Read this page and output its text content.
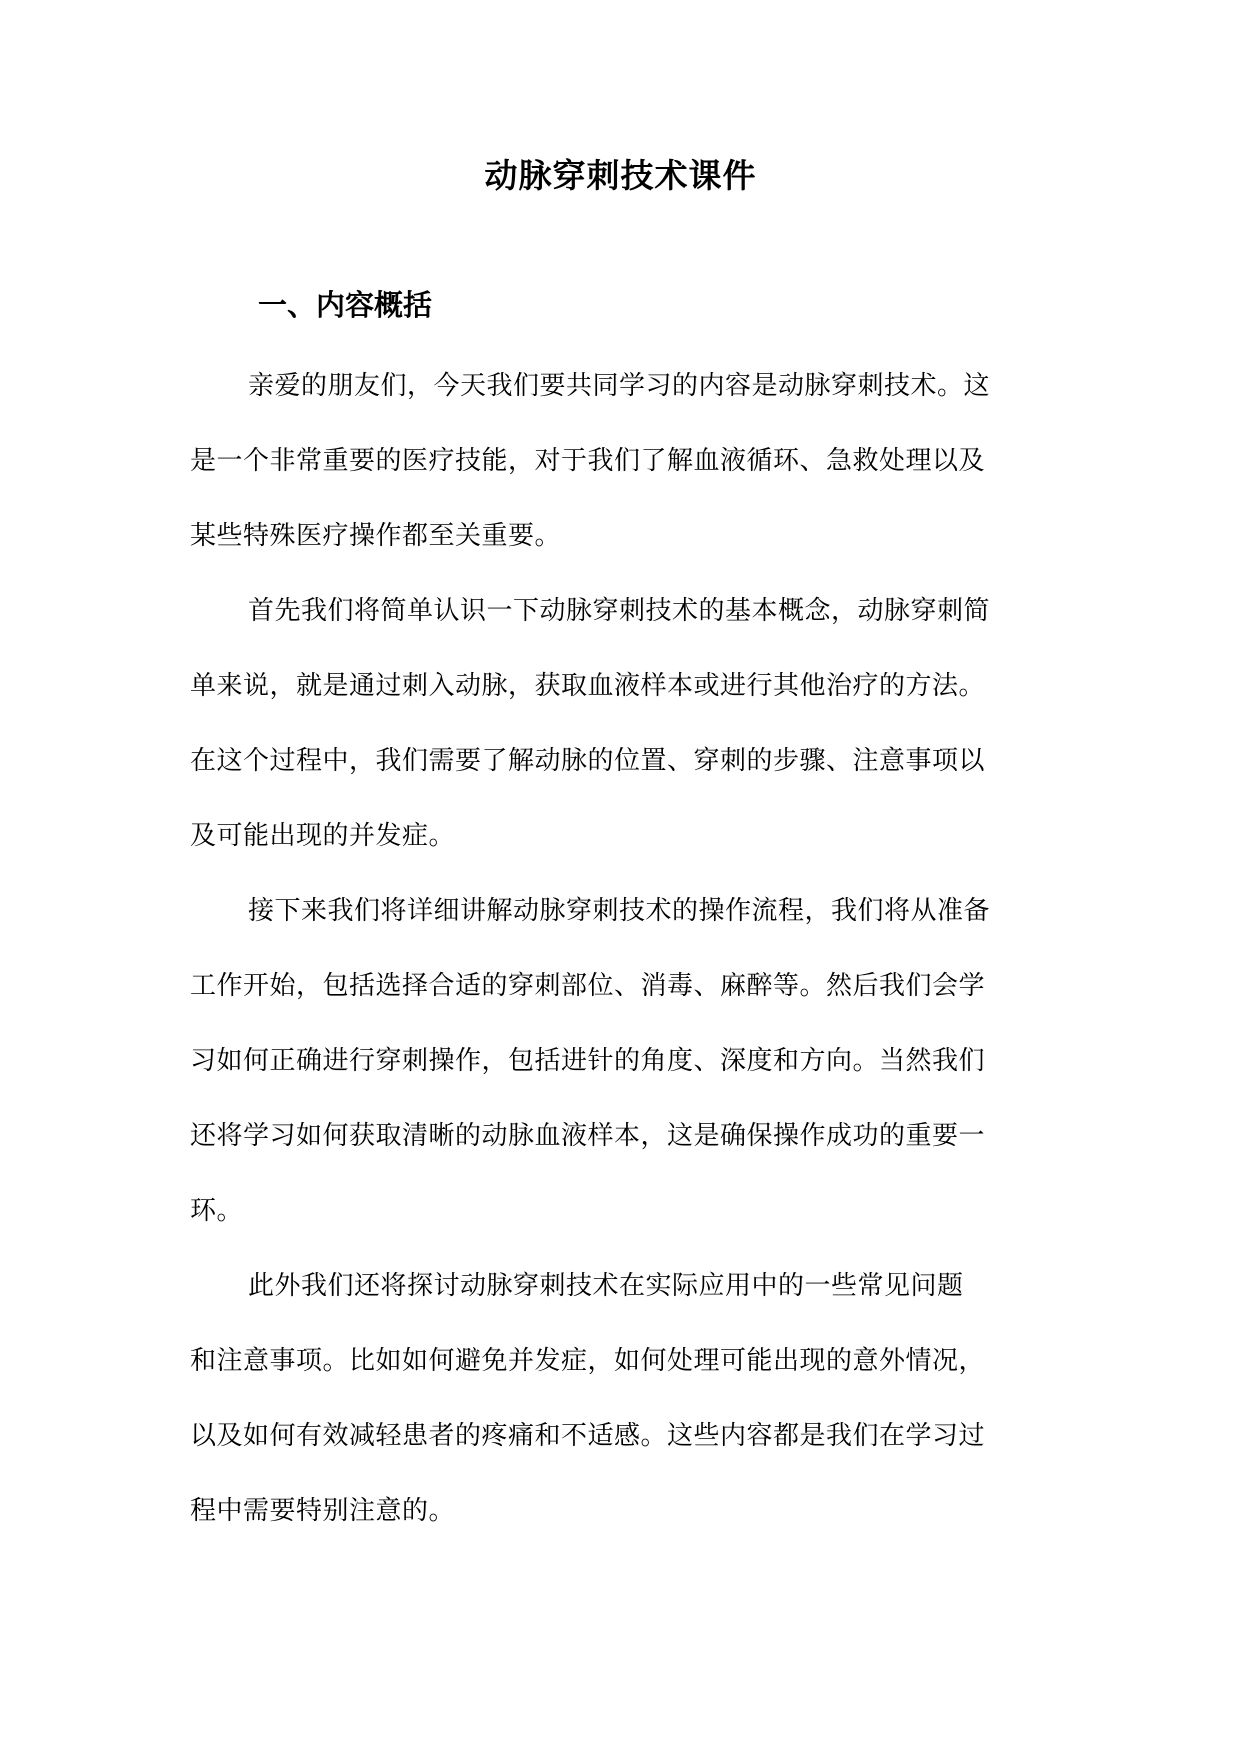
动脉穿刺技术课件
一、内容概括

亲爱的朋友们，今天我们要共同学习的内容是动脉穿刺技术。这
是一个非常重要的医疗技能，对于我们了解血液循环、急救处理以及
某些特殊医疗操作都至关重要。

首先我们将简单认识一下动脉穿刺技术的基本概念，动脉穿刺简
单来说，就是通过刺入动脉，获取血液样本或进行其他治疗的方法。
在这个过程中，我们需要了解动脉的位置、穿刺的步骤、注意事项以
及可能出现的并发症。

接下来我们将详细讲解动脉穿刺技术的操作流程，我们将从准备
工作开始，包括选择合适的穿刺部位、消毒、麻醉等。然后我们会学
习如何正确进行穿刺操作，包括进针的角度、深度和方向。当然我们
还将学习如何获取清晰的动脉血液样本，这是确保操作成功的重要一
环。

此外我们还将探讨动脉穿刺技术在实际应用中的一些常见问题
和注意事项。比如如何避免并发症，如何处理可能出现的意外情况，
以及如何有效减轻患者的疼痛和不适感。这些内容都是我们在学习过
程中需要特别注意的。
